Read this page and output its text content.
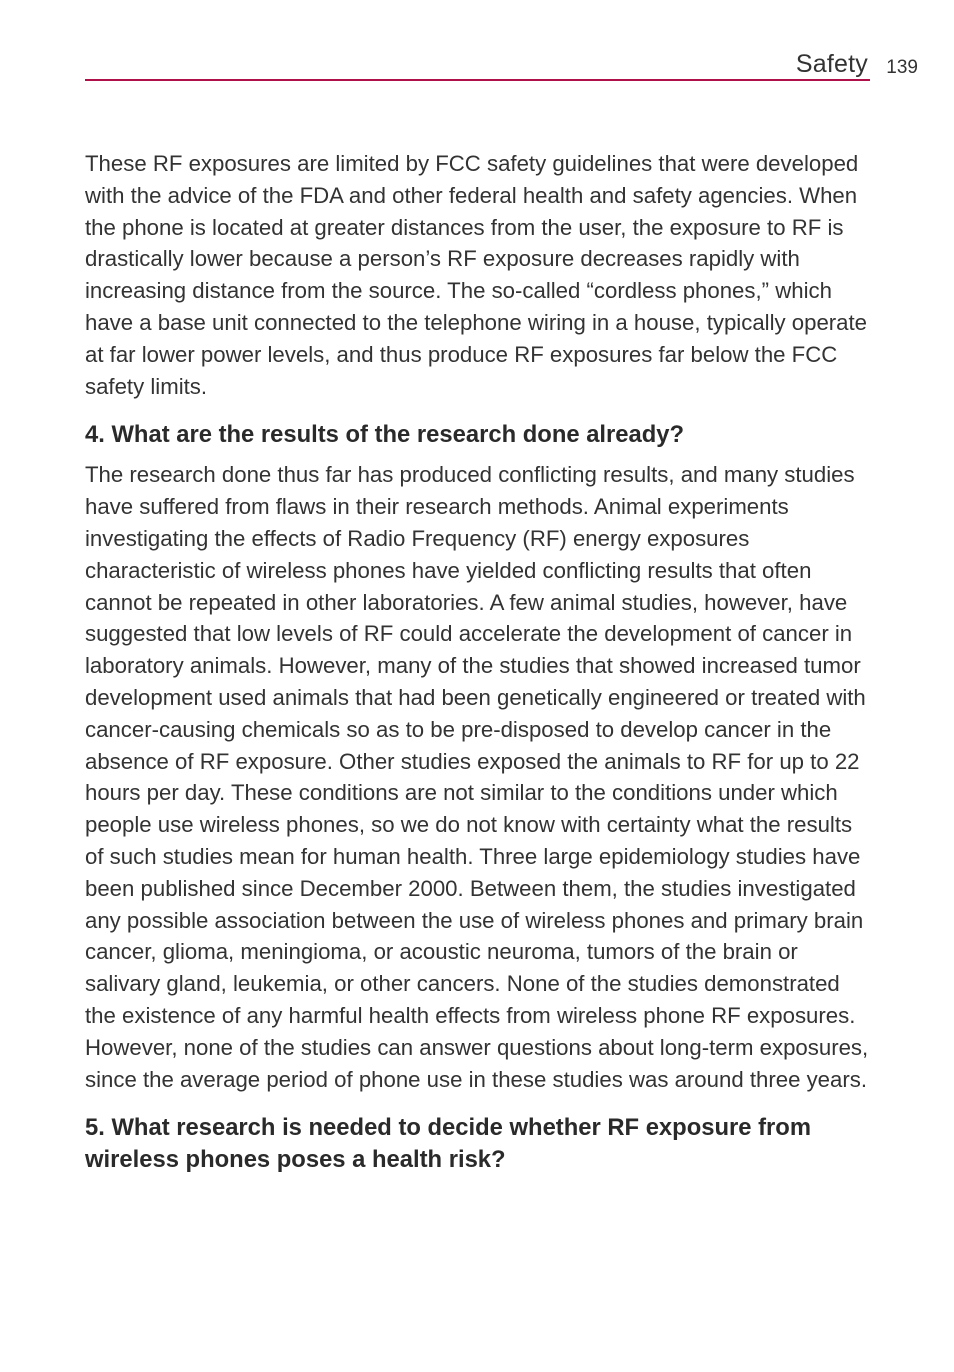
Safety 139

These RF exposures are limited by FCC safety guidelines that were developed with the advice of the FDA and other federal health and safety agencies. When the phone is located at greater distances from the user, the exposure to RF is drastically lower because a person’s RF exposure decreases rapidly with increasing distance from the source. The so-called “cordless phones,” which have a base unit connected to the telephone wiring in a house, typically operate at far lower power levels, and thus produce RF exposures far below the FCC safety limits.

4. What are the results of the research done already?

The research done thus far has produced conflicting results, and many studies have suffered from flaws in their research methods. Animal experiments investigating the effects of Radio Frequency (RF) energy exposures characteristic of wireless phones have yielded conflicting results that often cannot be repeated in other laboratories. A few animal studies, however, have suggested that low levels of RF could accelerate the development of cancer in laboratory animals. However, many of the studies that showed increased tumor development used animals that had been genetically engineered or treated with cancer-causing chemicals so as to be pre-disposed to develop cancer in the absence of RF exposure. Other studies exposed the animals to RF for up to 22 hours per day. These conditions are not similar to the conditions under which people use wireless phones, so we do not know with certainty what the results of such studies mean for human health. Three large epidemiology studies have been published since December 2000. Between them, the studies investigated any possible association between the use of wireless phones and primary brain cancer, glioma, meningioma, or acoustic neuroma, tumors of the brain or salivary gland, leukemia, or other cancers. None of the studies demonstrated the existence of any harmful health effects from wireless phone RF exposures. However, none of the studies can answer questions about long-term exposures, since the average period of phone use in these studies was around three years.

5. What research is needed to decide whether RF exposure from wireless phones poses a health risk?
